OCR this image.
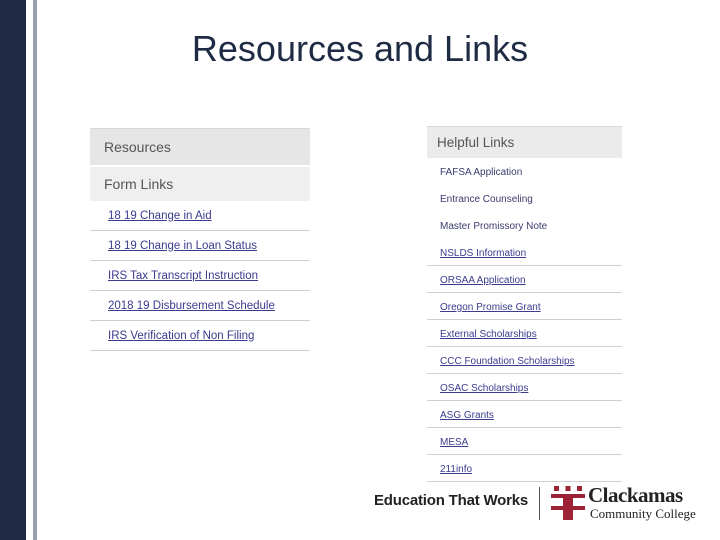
Resources and Links
Resources
Form Links
18 19 Change in Aid
18 19 Change in Loan Status
IRS Tax Transcript Instruction
2018 19 Disbursement Schedule
IRS Verification of Non Filing
Helpful Links
FAFSA Application
Entrance Counseling
Master Promissory Note
NSLDS Information
ORSAA Application
Oregon Promise Grant
External Scholarships
CCC Foundation Scholarships
OSAC Scholarships
ASG Grants
MESA
211info
Education That Works	Clackamas
Community College
